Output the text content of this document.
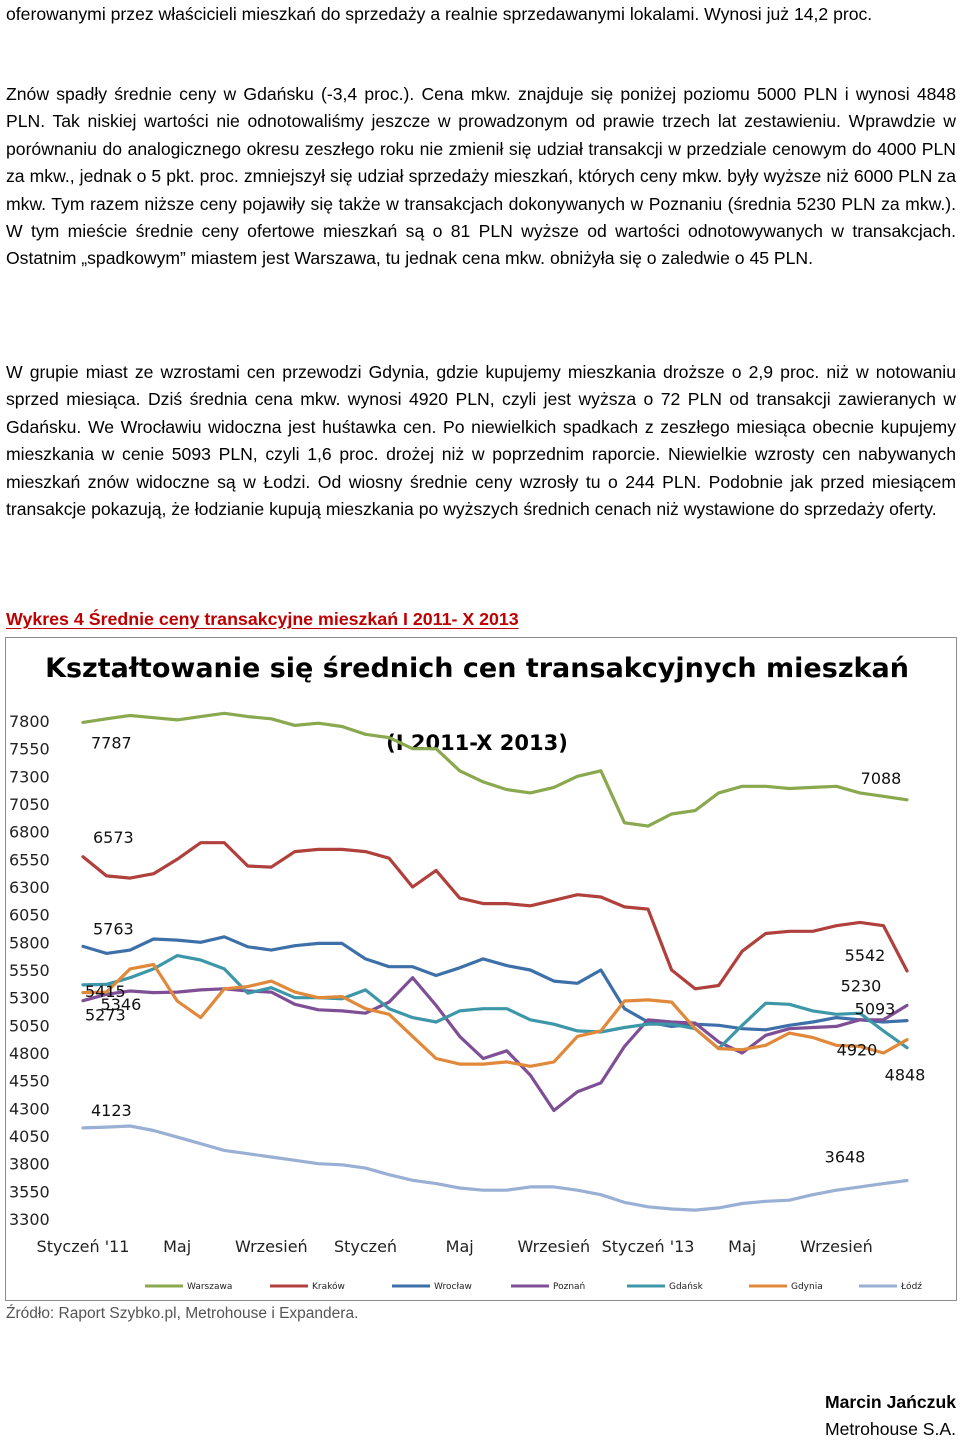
oferowanymi przez właścicieli mieszkań do sprzedaży a realnie sprzedawanymi lokalami. Wynosi już 14,2 proc.

Znów spadły średnie ceny w Gdańsku (-3,4 proc.). Cena mkw. znajduje się poniżej poziomu 5000 PLN i wynosi 4848 PLN. Tak niskiej wartości nie odnotowaliśmy jeszcze w prowadzonym od prawie trzech lat zestawieniu. Wprawdzie w porównaniu do analogicznego okresu zeszłego roku nie zmienił się udział transakcji w przedziale cenowym do 4000 PLN za mkw., jednak o 5 pkt. proc. zmniejszył się udział sprzedaży mieszkań, których ceny mkw. były wyższe niż 6000 PLN za mkw. Tym razem niższe ceny pojawiły się także w transakcjach dokonywanych w Poznaniu (średnia 5230 PLN za mkw.). W tym mieście średnie ceny ofertowe mieszkań są o 81 PLN wyższe od wartości odnotowywanych w transakcjach. Ostatnim „spadkowym” miastem jest Warszawa, tu jednak cena mkw. obniżyła się o zaledwie o 45 PLN.

W grupie miast ze wzrostami cen przewodzi Gdynia, gdzie kupujemy mieszkania droższe o 2,9 proc. niż w notowaniu sprzed miesiąca. Dziś średnia cena mkw. wynosi 4920 PLN, czyli jest wyższa o 72 PLN od transakcji zawieranych w Gdańsku. We Wrocławiu widoczna jest huśtawka cen. Po niewielkich spadkach z zeszłego miesiąca obecnie kupujemy mieszkania w cenie 5093 PLN, czyli 1,6 proc. drożej niż w poprzednim raporcie. Niewielkie wzrosty cen nabywanych mieszkań znów widoczne są w Łodzi. Od wiosny średnie ceny wzrosły tu o 244 PLN. Podobnie jak przed miesiącem transakcje pokazują, że łodzianie kupują mieszkania po wyższych średnich cenach niż wystawione do sprzedaży oferty.

Wykres 4 Średnie ceny transakcyjne mieszkań I 2011- X 2013

Kształtowanie się średnich cen transakcyjnych mieszkań
(I 2011-X 2013)
7800
7550
7300
7050
6800
6550
6300
6050
5800
5550
5300
5050
4800
4550
4300
4050
3800
3550
3300
Styczeń '11 Maj	Wrzesień Styczeń	Maj	Wrzesień Styczeń '13 Maj	Wrzesień
7787
7088
6573
5542
5763
5093
5415
5346
5273
5230
4920
4848
4123
3648
Warszawa	Kraków	Wrocław	Poznań	Gdańsk	Gdynia	Łódź

Źródło: Raport Szybko.pl, Metrohouse i Expandera.

Marcin Jańczuk

Metrohouse S.A.
